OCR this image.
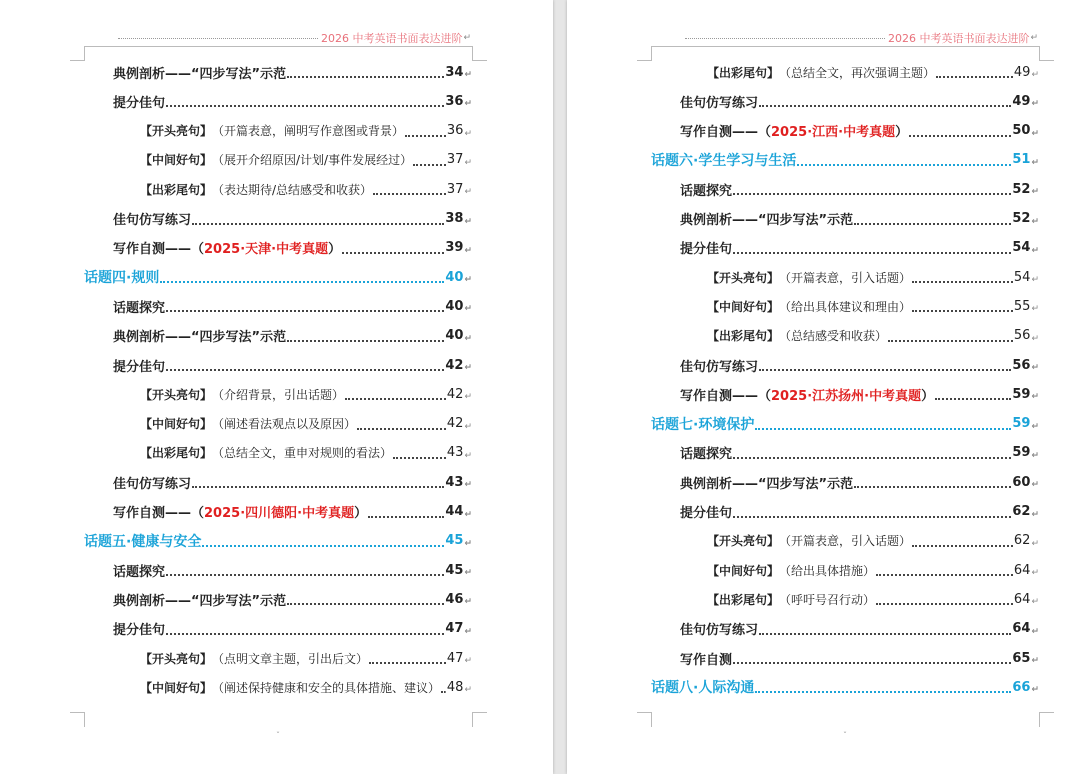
2026 中考英语书面表达进阶 ↵
典例剖析——“四步写法”示范	34 ↵
提分佳句	36 ↵
【开头亮句】 （开篇表意，阐明写作意图或背景）	36 ↵
【中间好句】 （展开介绍原因/计划/事件发展经过）	37 ↵
【出彩尾句】 （表达期待/总结感受和收获）	37 ↵
佳句仿写练习	38 ↵
写作自测——（ 2025·天津·中考真题 ）	39 ↵
话题四·规则	40 ↵
话题探究	40 ↵
典例剖析——“四步写法”示范	40 ↵
提分佳句	42 ↵
【开头亮句】 （介绍背景，引出话题）	42 ↵
【中间好句】 （阐述看法观点以及原因）	42 ↵
【出彩尾句】 （总结全文，重申对规则的看法）	43 ↵
佳句仿写练习	43 ↵
写作自测——（ 2025·四川德阳·中考真题 ）	44 ↵
话题五·健康与安全	45 ↵
话题探究	45 ↵
典例剖析——“四步写法”示范	46 ↵
提分佳句	47 ↵
【开头亮句】 （点明文章主题，引出后文）	47 ↵
【中间好句】 （阐述保持健康和安全的具体措施、建议） 48 ↵
ˇ
2026 中考英语书面表达进阶 ↵
【出彩尾句】 （总结全文，再次强调主题）	49 ↵
佳句仿写练习	49 ↵
写作自测——（ 2025·江西·中考真题 ）	50 ↵
话题六·学生学习与生活	51 ↵
话题探究	52 ↵
典例剖析——“四步写法”示范	52 ↵
提分佳句	54 ↵
【开头亮句】 （开篇表意，引入话题）	54 ↵
【中间好句】 （给出具体建议和理由）	55 ↵
【出彩尾句】 （总结感受和收获）	56 ↵
佳句仿写练习	56 ↵
写作自测——（ 2025·江苏扬州·中考真题 ）	59 ↵
话题七·环境保护	59 ↵
话题探究	59 ↵
典例剖析——“四步写法”示范	60 ↵
提分佳句	62 ↵
【开头亮句】 （开篇表意，引入话题）	62 ↵
【中间好句】 （给出具体措施）	64 ↵
【出彩尾句】 （呼吁号召行动）	64 ↵
佳句仿写练习	64 ↵
写作自测	65 ↵
话题八·人际沟通	66 ↵
ˇ
